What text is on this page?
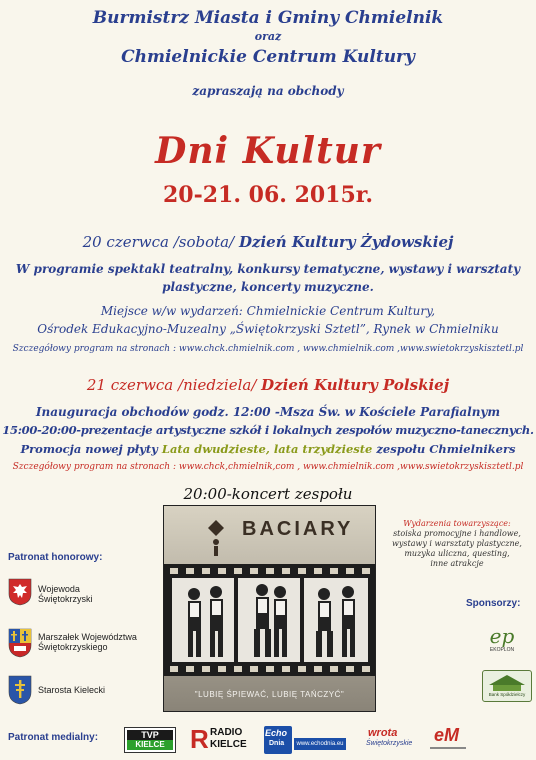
Burmistrz Miasta i Gminy Chmielnik
oraz
Chmielnickie Centrum Kultury
zapraszają na obchody
Dni Kultur
20-21. 06. 2015r.
20 czerwca /sobota/ Dzień Kultury Żydowskiej
W programie spektakl teatralny, konkursy tematyczne, wystawy i warsztaty
plastyczne, koncerty muzyczne.
Miejsce w/w wydarzeń: Chmielnickie Centrum Kultury,
Ośrodek Edukacyjno-Muzealny „Świętokrzyski Sztetl”, Rynek w Chmielniku
Szczegółowy program na stronach : www.chck.chmielnik.com , www.chmielnik.com ,www.swietokrzyskisztetl.pl
21 czerwca /niedziela/ Dzień Kultury Polskiej
Inauguracja obchodów godz. 12:00 -Msza Św. w Kościele Parafialnym
15:00-20:00-prezentacje artystyczne szkół i lokalnych zespołów muzyczno-tanecznych.
Promocja nowej płyty Lata dwudzieste, lata trzydzieste zespołu Chmielnikers
Szczegółowy program na stronach : www.chck,chmielnik,com , www.chmielnik.com ,www.swietokrzyskisztetl.pl
20:00-koncert zespołu
BACIARY
"LUBIĘ ŚPIEWAĆ, LUBIĘ TAŃCZYĆ"
Wydarzenia towarzyszące:
stoiska promocyjne i handlowe,
wystawy i warsztaty plastyczne,
muzyka uliczna, questing,
inne atrakcje
Patronat honorowy:
Wojewoda
Świętokrzyski
Marszałek Województwa
Świętokrzyskiego
Starosta Kielecki
Sponsorzy:
ep
EKOPLON
Bank Spółdzielczy
Patronat medialny:	TVP
KIELCE R RADIO
KIELCE
Echo
Dnia	www.echodnia.eu
wrota
Świętokrzyskie eM
